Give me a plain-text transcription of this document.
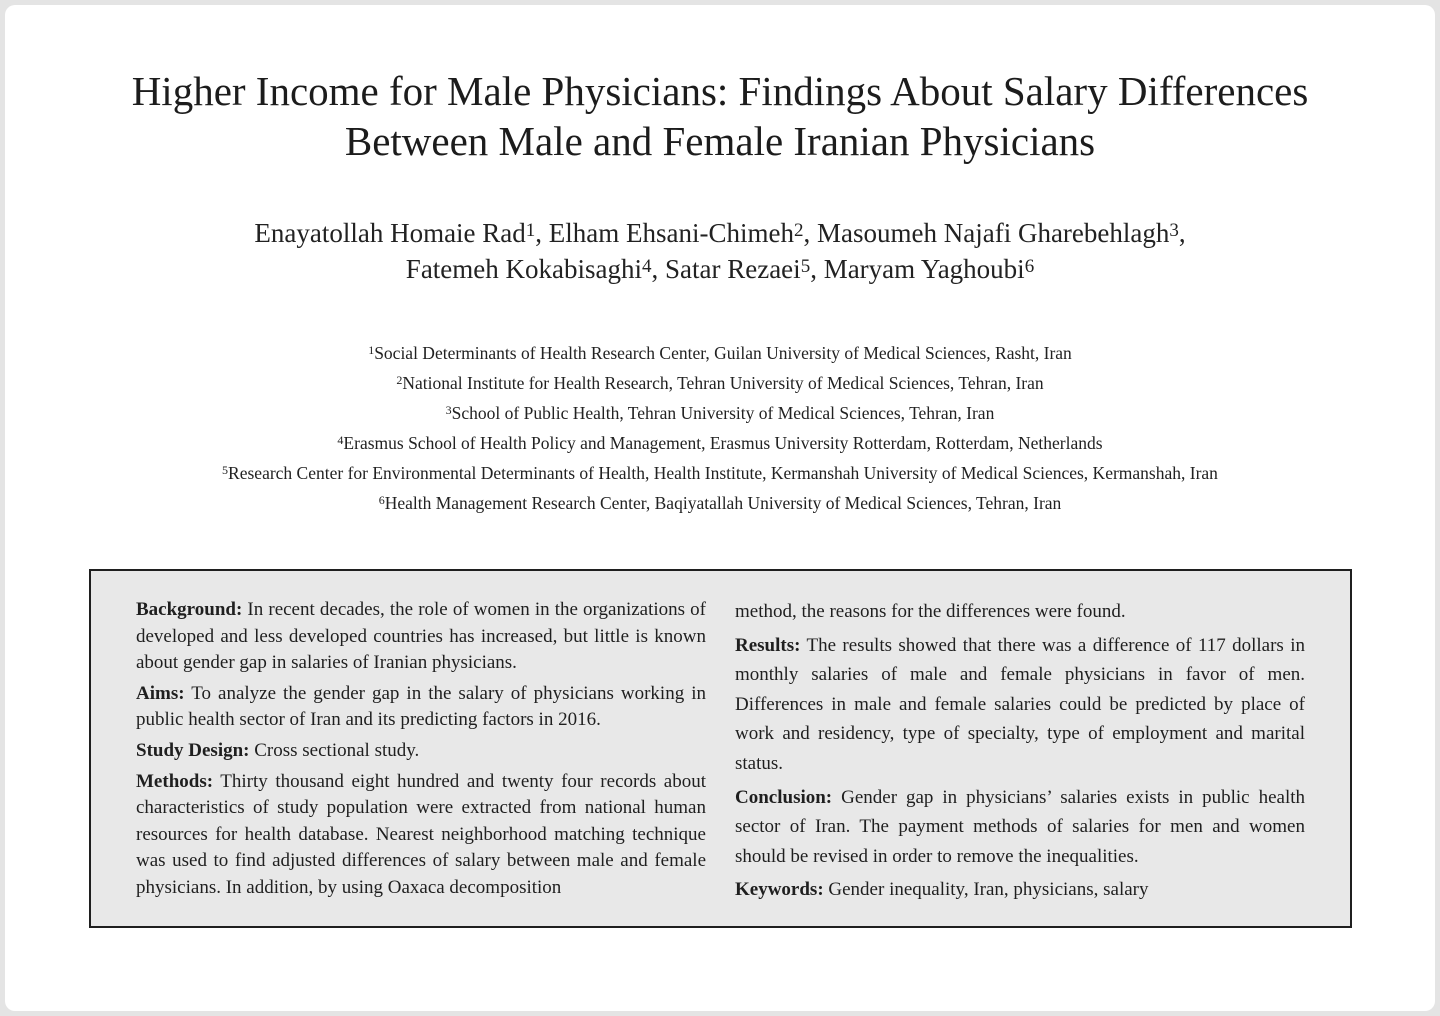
Higher Income for Male Physicians: Findings About Salary Differences
Between Male and Female Iranian Physicians
Enayatollah Homaie Rad$^1$, Elham Ehsani-Chimeh$^2$, Masoumeh Najafi Gharebehlagh$^3$,
Fatemeh Kokabisaghi$^4$, Satar Rezaei$^5$, Maryam Yaghoubi$^6$
$^1$Social Determinants of Health Research Center, Guilan University of Medical Sciences, Rasht, Iran
$^2$National Institute for Health Research, Tehran University of Medical Sciences, Tehran, Iran
$^3$School of Public Health, Tehran University of Medical Sciences, Tehran, Iran
$^4$Erasmus School of Health Policy and Management, Erasmus University Rotterdam, Rotterdam, Netherlands
$^5$Research Center for Environmental Determinants of Health, Health Institute, Kermanshah University of Medical Sciences, Kermanshah, Iran
$^6$Health Management Research Center, Baqiyatallah University of Medical Sciences, Tehran, Iran

Background: In recent decades, the role of women in the organizations of developed and less developed countries has increased, but little is known about gender gap in salaries of Iranian physicians.

Aims: To analyze the gender gap in the salary of physicians working in public health sector of Iran and its predicting factors in 2016.

Study Design: Cross sectional study.

Methods: Thirty thousand eight hundred and twenty four records about characteristics of study population were extracted from national human resources for health database. Nearest neighborhood matching technique was used to find adjusted differences of salary between male and female physicians. In addition, by using Oaxaca decomposition

method, the reasons for the differences were found.

Results: The results showed that there was a difference of 117 dollars in monthly salaries of male and female physicians in favor of men. Differences in male and female salaries could be predicted by place of work and residency, type of specialty, type of employment and marital status.

Conclusion: Gender gap in physicians’ salaries exists in public health sector of Iran. The payment methods of salaries for men and women should be revised in order to remove the inequalities.

Keywords: Gender inequality, Iran, physicians, salary
